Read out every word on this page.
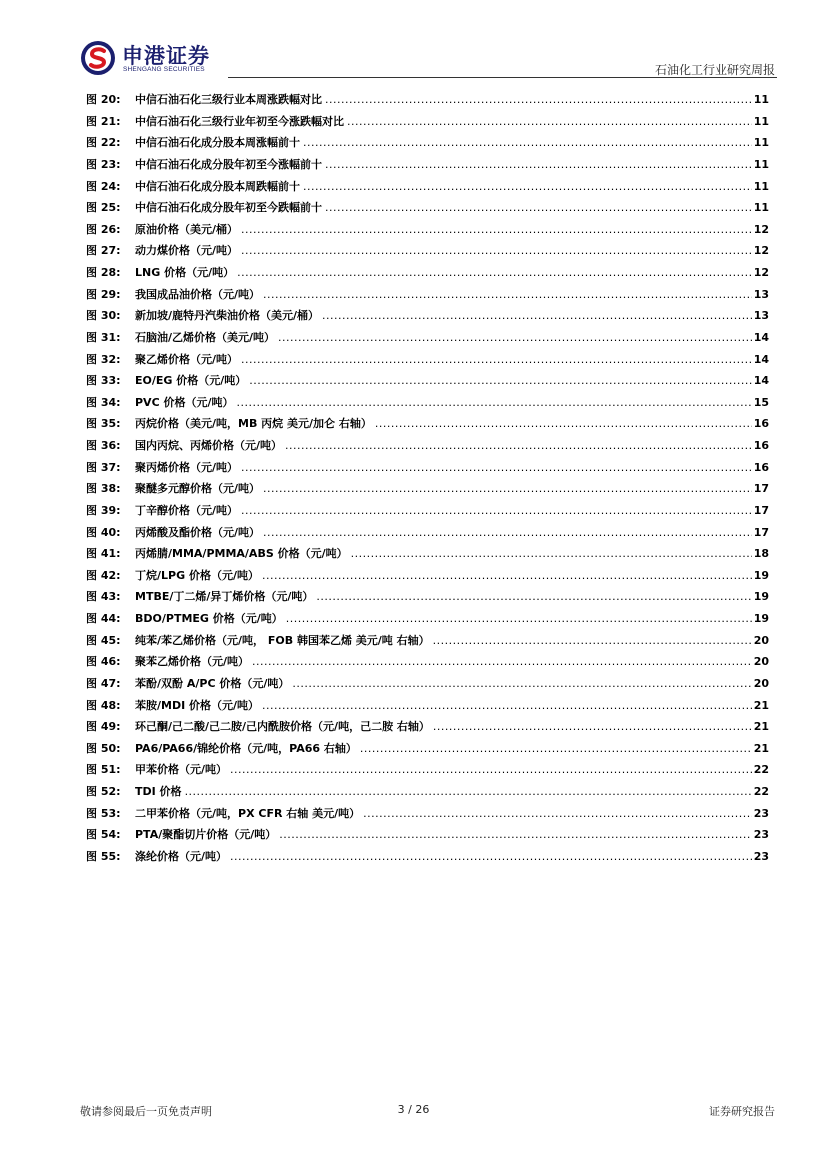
申港证券
SHENGANG SECURITIES	石油化工行业研究周报
图 20:	中信石油石化三级行业本周涨跌幅对比 .....	11
图 21:	中信石油石化三级行业年初至今涨跌幅对比 .....	11
图 22:	中信石油石化成分股本周涨幅前十 .....	11
图 23:	中信石油石化成分股年初至今涨幅前十 .....	11
图 24:	中信石油石化成分股本周跌幅前十 .....	11
图 25:	中信石油石化成分股年初至今跌幅前十 .....	11
图 26:	原油价格（美元/桶） .....	12
图 27:	动力煤价格（元/吨） .....	12
图 28:	LNG 价格（元/吨） .....	12
图 29:	我国成品油价格（元/吨） .....	13
图 30:	新加坡/鹿特丹汽柴油价格（美元/桶） .....	13
图 31:	石脑油/乙烯价格（美元/吨） .....	14
图 32:	聚乙烯价格（元/吨） .....	14
图 33:	EO/EG 价格（元/吨） .....	14
图 34:	PVC 价格（元/吨） .....	15
图 35:	丙烷价格（美元/吨，MB 丙烷 美元/加仑 右轴） .....	16
图 36:	国内丙烷、丙烯价格（元/吨） .....	16
图 37:	聚丙烯价格（元/吨） .....	16
图 38:	聚醚多元醇价格（元/吨） .....	17
图 39:	丁辛醇价格（元/吨） .....	17
图 40:	丙烯酸及酯价格（元/吨） .....	17
图 41:	丙烯腈/MMA/PMMA/ABS 价格（元/吨） .....	18
图 42:	丁烷/LPG 价格（元/吨） .....	19
图 43:	MTBE/丁二烯/异丁烯价格（元/吨） .....	19
图 44:	BDO/PTMEG 价格（元/吨） .....	19
图 45:	纯苯/苯乙烯价格（元/吨， FOB 韩国苯乙烯 美元/吨 右轴） .....	20
图 46:	聚苯乙烯价格（元/吨） .....	20
图 47:	苯酚/双酚 A/PC 价格（元/吨） .....	20
图 48:	苯胺/MDI 价格（元/吨） .....	21
图 49:	环己酮/己二酸/己二胺/己内酰胺价格（元/吨，己二胺 右轴） .....	21
图 50:	PA6/PA66/锦纶价格（元/吨，PA66 右轴） .....	21
图 51:	甲苯价格（元/吨） .....	22
图 52:	TDI 价格 .....	22
图 53:	二甲苯价格（元/吨，PX CFR 右轴 美元/吨） .....	23
图 54:	PTA/聚酯切片价格（元/吨） .....	23
图 55:	涤纶价格（元/吨） .....	23
敬请参阅最后一页免责声明	3 / 26	证券研究报告
